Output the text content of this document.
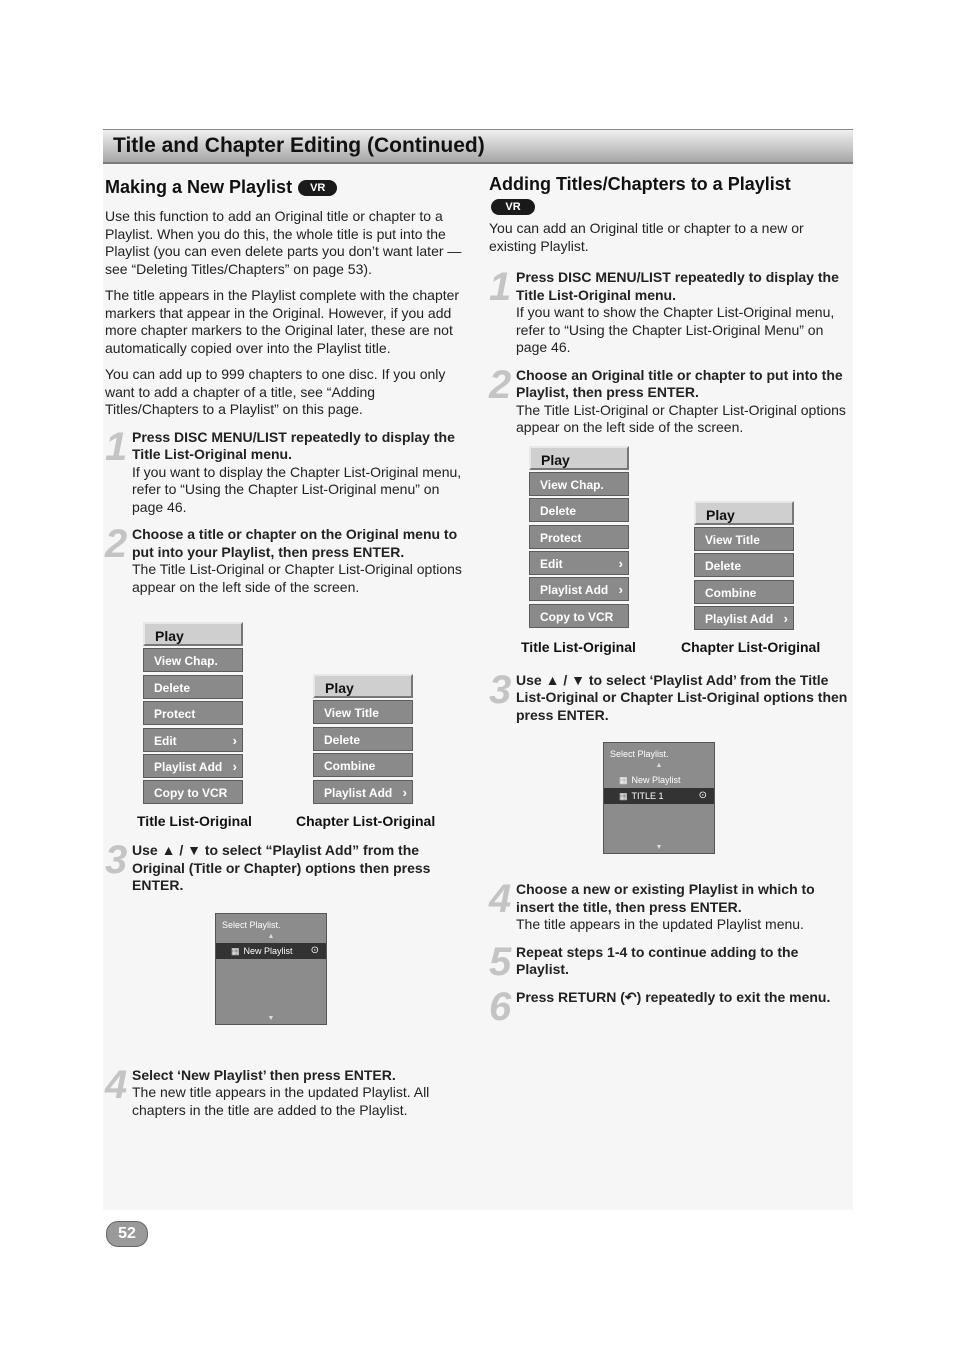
Title and Chapter Editing (Continued)
Making a New Playlist VR

Use this function to add an Original title or chapter to a Playlist. When you do this, the whole title is put into the Playlist (you can even delete parts you don’t want later — see “Deleting Titles/Chapters” on page 53).

The title appears in the Playlist complete with the chapter markers that appear in the Original. However, if you add more chapter markers to the Original later, these are not automatically copied over into the Playlist title.

You can add up to 999 chapters to one disc. If you only want to add a chapter of a title, see “Adding Titles/Chapters to a Playlist” on this page.

1 Press DISC MENU/LIST repeatedly to display the Title List-Original menu.

If you want to display the Chapter List-Original menu, refer to “Using the Chapter List-Original menu” on page 46.

2 Choose a title or chapter on the Original menu to put into your Playlist, then press ENTER.

The Title List-Original or Chapter List-Original options appear on the left side of the screen.

Play
View Chap.
Delete
Protect
Edit	›
Playlist Add ›
Copy to VCR
Play
View Title
Delete
Combine
Playlist Add ›
Title List-Original	Chapter List-Original
3 Use ▲ / ▼ to select “Playlist Add” from the Original (Title or Chapter) options then press ENTER.

Select Playlist.
▲
▦ New Playlist ⊙
▼
4 Select ‘New Playlist’ then press ENTER.

The new title appears in the updated Playlist. All chapters in the title are added to the Playlist.

Adding Titles/Chapters to a Playlist
VR

You can add an Original title or chapter to a new or existing Playlist.

1 Press DISC MENU/LIST repeatedly to display the Title List-Original menu.

If you want to show the Chapter List-Original menu, refer to “Using the Chapter List-Original Menu” on page 46.

2 Choose an Original title or chapter to put into the Playlist, then press ENTER.

The Title List-Original or Chapter List-Original options appear on the left side of the screen.

Play
View Chap.
Delete
Protect
Edit	›
Playlist Add ›
Copy to VCR
Play
View Title
Delete
Combine
Playlist Add ›
Title List-Original	Chapter List-Original
3 Use ▲ / ▼ to select ‘Playlist Add’ from the Title List-Original or Chapter List-Original options then press ENTER.

Select Playlist.
▲
▦ New Playlist
▦ TITLE 1	⊙
▼
4 Choose a new or existing Playlist in which to insert the title, then press ENTER.

The title appears in the updated Playlist menu.

5 Repeat steps 1-4 to continue adding to the Playlist.

6 Press RETURN (↶) repeatedly to exit the menu.

52
